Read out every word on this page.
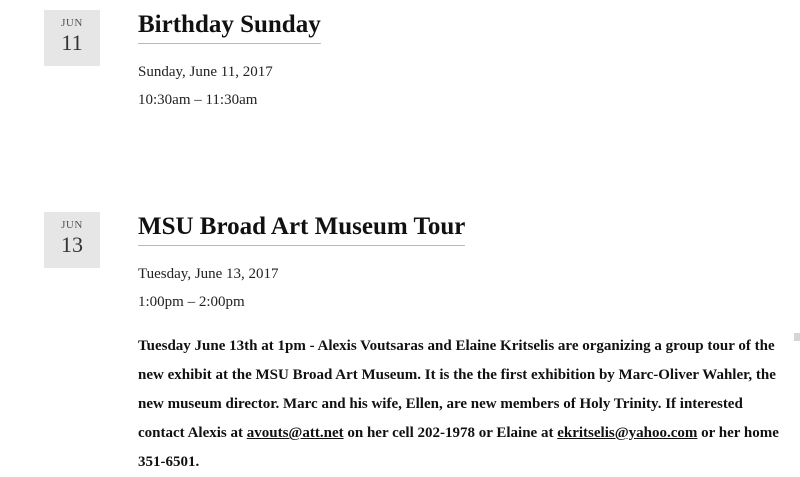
JUN
11
Birthday Sunday
Sunday, June 11, 2017
10:30am – 11:30am
JUN
13
MSU Broad Art Museum Tour
Tuesday, June 13, 2017
1:00pm – 2:00pm
Tuesday June 13th at 1pm - Alexis Voutsaras and Elaine Kritselis are organizing a group tour of the new exhibit at the MSU Broad Art Museum. It is the the first exhibition by Marc-Oliver Wahler, the new museum director. Marc and his wife, Ellen, are new members of Holy Trinity. If interested contact Alexis at avouts@att.net on her cell 202-1978 or Elaine at ekritselis@yahoo.com or her home 351-6501.
